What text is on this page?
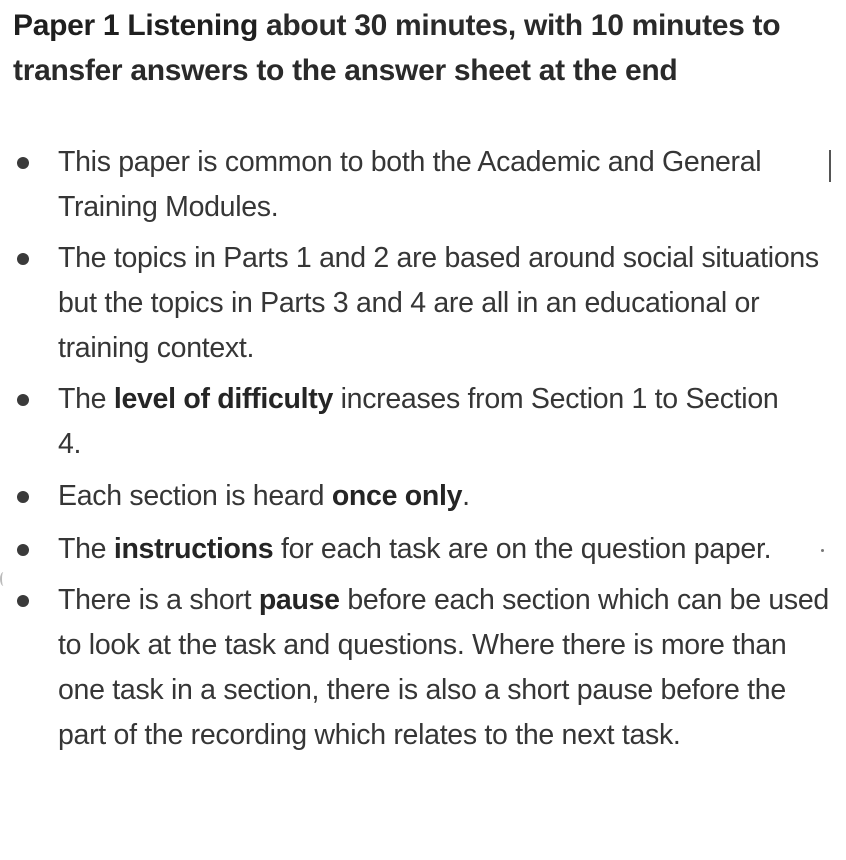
Paper 1 Listening about 30 minutes, with 10 minutes to transfer answers to the answer sheet at the end
This paper is common to both the Academic and General Training Modules.
The topics in Parts 1 and 2 are based around social situations but the topics in Parts 3 and 4 are all in an educational or training context.
The level of difficulty increases from Section 1 to Section 4.
Each section is heard once only.
The instructions for each task are on the question paper.
There is a short pause before each section which can be used to look at the task and questions. Where there is more than one task in a section, there is also a short pause before the part of the recording which relates to the next task.
